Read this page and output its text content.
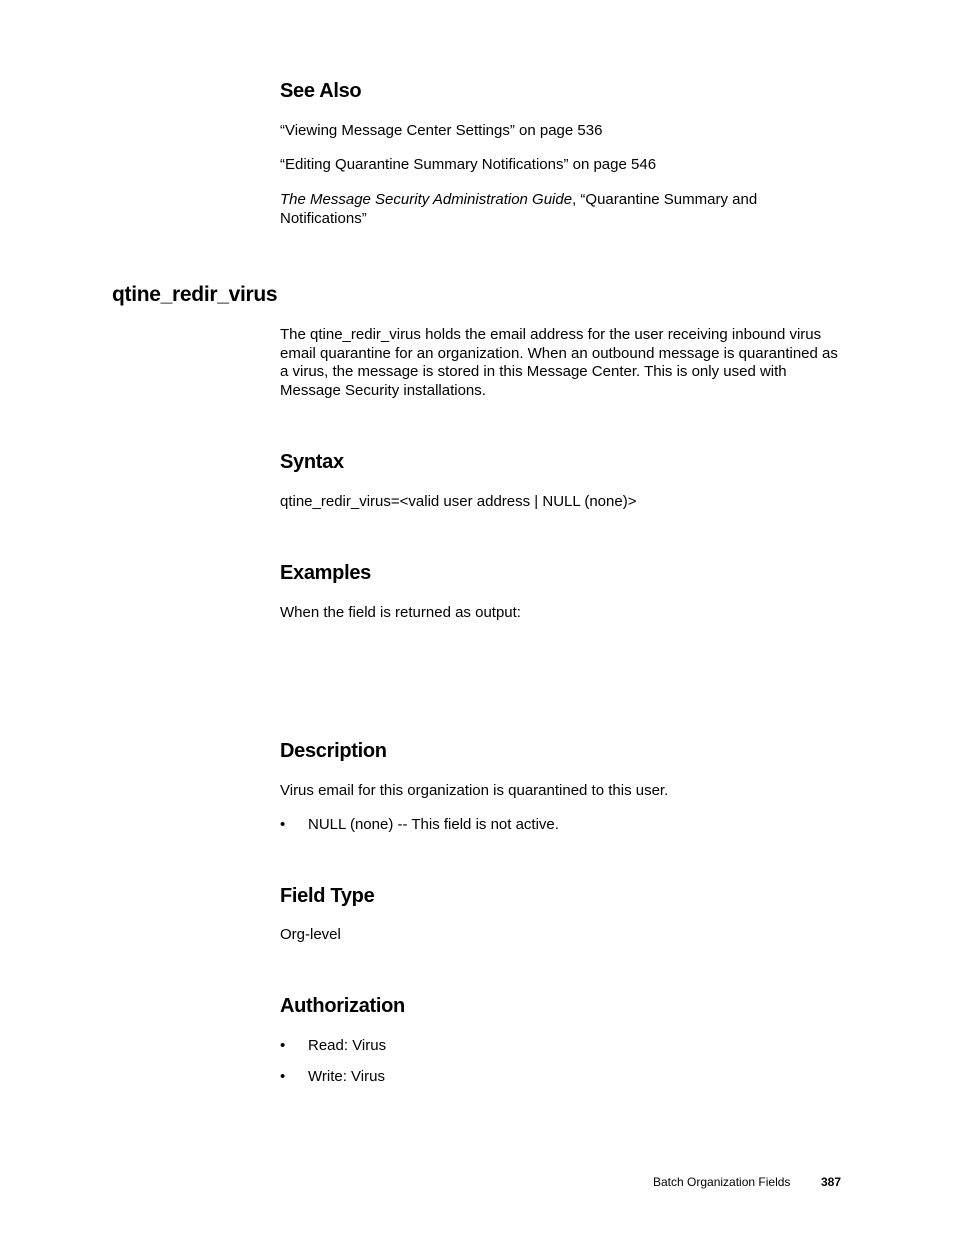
See Also

“Viewing Message Center Settings” on page 536

“Editing Quarantine Summary Notifications” on page 546

The Message Security Administration Guide, “Quarantine Summary and Notifications”

qtine_redir_virus

The qtine_redir_virus holds the email address for the user receiving inbound virus email quarantine for an organization. When an outbound message is quarantined as a virus, the message is stored in this Message Center. This is only used with Message Security installations.

Syntax

qtine_redir_virus=<valid user address | NULL (none)>

Examples

When the field is returned as output:

Description

Virus email for this organization is quarantined to this user.

• NULL (none) -- This field is not active.
Field Type

Org-level

Authorization
• Read: Virus
• Write: Virus
Batch Organization Fields	387
